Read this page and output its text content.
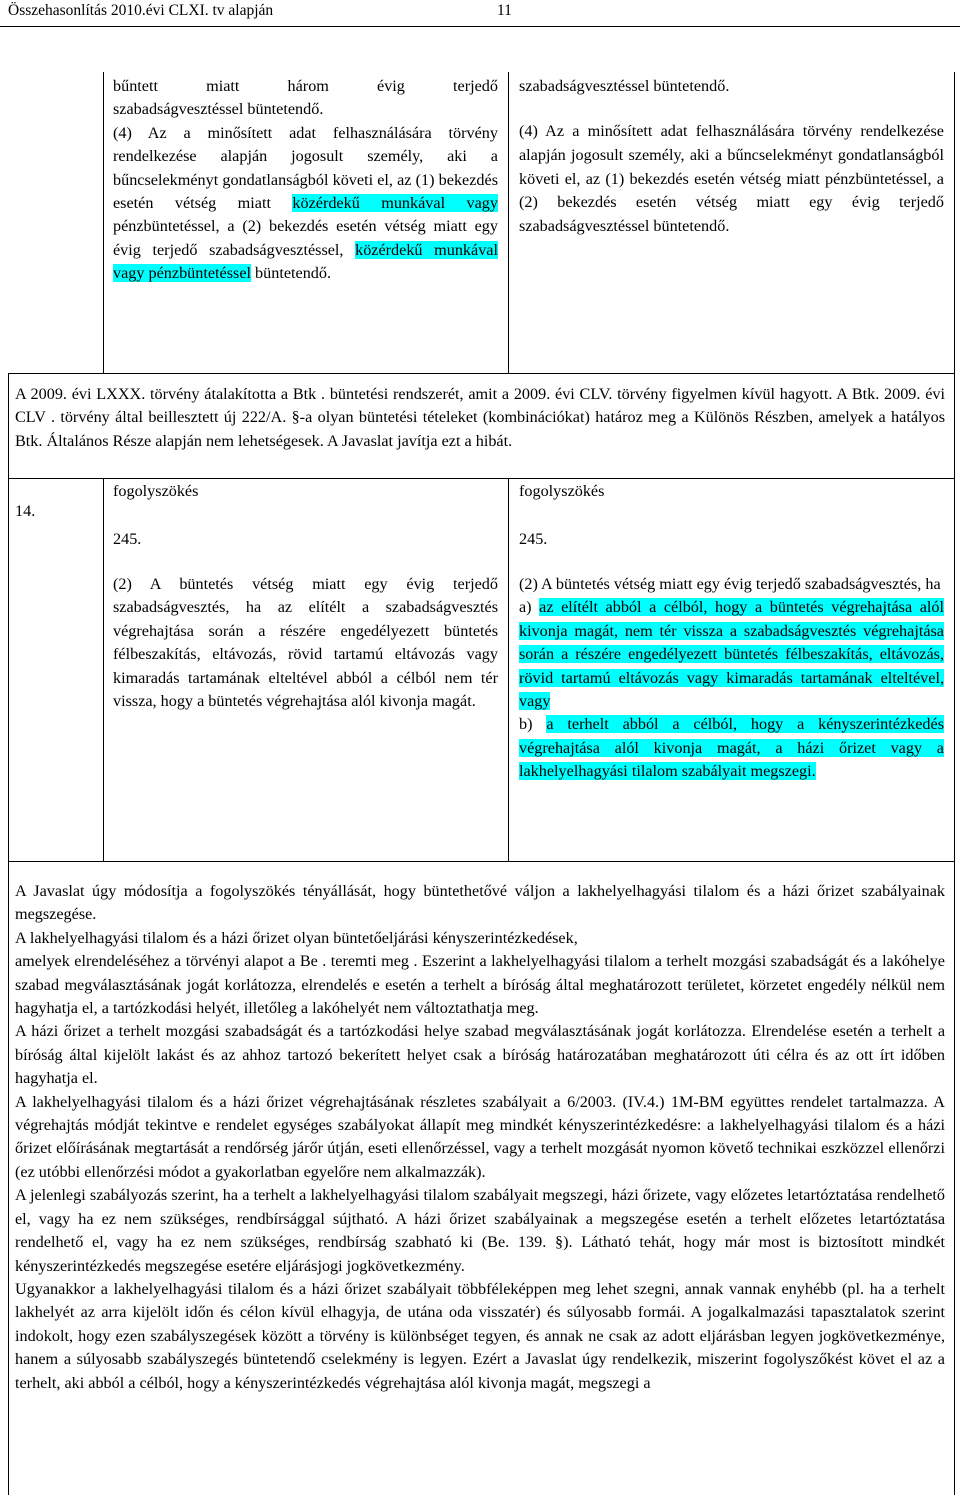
Összehasonlítás 2010.évi CLXI. tv alapján	11

bűntett miatt három évig terjedő

szabadságvesztéssel büntetendő.

(4) Az a minősített adat felhasználására törvény rendelkezése alapján jogosult személy, aki a bűncselekményt gondatlanságból követi el, az (1) bekezdés esetén vétség miatt közérdekű munkával vagy pénzbüntetéssel, a (2) bekezdés esetén vétség miatt egy évig terjedő szabadságvesztéssel, közérdekű munkával vagy pénzbüntetéssel büntetendő.

szabadságvesztéssel büntetendő.

(4) Az a minősített adat felhasználására törvény rendelkezése alapján jogosult személy, aki a bűncselekményt gondatlanságból követi el, az (1) bekezdés esetén vétség miatt pénzbüntetéssel, a (2) bekezdés esetén vétség miatt egy évig terjedő szabadságvesztéssel büntetendő.

A 2009. évi LXXX. törvény átalakította a Btk . büntetési rendszerét, amit a 2009. évi CLV. törvény figyelmen kívül hagyott. A Btk. 2009. évi CLV . törvény által beillesztett új 222/A. §-a olyan büntetési tételeket (kombinációkat) határoz meg a Különös Részben, amelyek a hatályos Btk. Általános Része alapján nem lehetségesek. A Javaslat javítja ezt a hibát.

14.
fogolyszökés
245.
(2) A büntetés vétség miatt egy évig terjedő szabadságvesztés, ha az elítélt a szabadságvesztés végrehajtása során a részére engedélyezett büntetés félbeszakítás, eltávozás, rövid tartamú eltávozás vagy kimaradás tartamának elteltével abból a célból nem tér vissza, hogy a büntetés végrehajtása alól kivonja magát.
fogolyszökés
245.

(2) A büntetés vétség miatt egy évig terjedő szabadságvesztés, ha

a) az elítélt abból a célból, hogy a büntetés végrehajtása alól kivonja magát, nem tér vissza a szabadságvesztés végrehajtása során a részére engedélyezett büntetés félbeszakítás, eltávozás, rövid tartamú eltávozás vagy kimaradás tartamának elteltével, vagy

b) a terhelt abból a célból, hogy a kényszerintézkedés végrehajtása alól kivonja magát, a házi őrizet vagy a lakhelyelhagyási tilalom szabályait megszegi.

A Javaslat úgy módosítja a fogolyszökés tényállását, hogy büntethetővé váljon a lakhelyelhagyási tilalom és a házi őrizet szabályainak megszegése.

A lakhelyelhagyási tilalom és a házi őrizet olyan büntetőeljárási kényszerintézkedések,

amelyek elrendeléséhez a törvényi alapot a Be . teremti meg . Eszerint a lakhelyelhagyási tilalom a terhelt mozgási szabadságát és a lakóhelye szabad megválasztásának jogát korlátozza, elrendelés e esetén a terhelt a bíróság által meghatározott területet, körzetet engedély nélkül nem hagyhatja el, a tartózkodási helyét, illetőleg a lakóhelyét nem változtathatja meg.

A házi őrizet a terhelt mozgási szabadságát és a tartózkodási helye szabad megválasztásának jogát korlátozza. Elrendelése esetén a terhelt a bíróság által kijelölt lakást és az ahhoz tartozó bekerített helyet csak a bíróság határozatában meghatározott úti célra és az ott írt időben hagyhatja el.

A lakhelyelhagyási tilalom és a házi őrizet végrehajtásának részletes szabályait a 6/2003. (IV.4.) 1M-BM együttes rendelet tartalmazza. A végrehajtás módját tekintve e rendelet egységes szabályokat állapít meg mindkét kényszerintézkedésre: a lakhelyelhagyási tilalom és a házi őrizet előírásának megtartását a rendőrség járőr útján, eseti ellenőrzéssel, vagy a terhelt mozgását nyomon követő technikai eszközzel ellenőrzi (ez utóbbi ellenőrzési módot a gyakorlatban egyelőre nem alkalmazzák).

A jelenlegi szabályozás szerint, ha a terhelt a lakhelyelhagyási tilalom szabályait megszegi, házi őrizete, vagy előzetes letartóztatása rendelhető el, vagy ha ez nem szükséges, rendbírsággal sújtható. A házi őrizet szabályainak a megszegése esetén a terhelt előzetes letartóztatása rendelhető el, vagy ha ez nem szükséges, rendbírság szabható ki (Be. 139. §). Látható tehát, hogy már most is biztosított mindkét kényszerintézkedés megszegése esetére eljárásjogi jogkövetkezmény.

Ugyanakkor a lakhelyelhagyási tilalom és a házi őrizet szabályait többféleképpen meg lehet szegni, annak vannak enyhébb (pl. ha a terhelt lakhelyét az arra kijelölt időn és célon kívül elhagyja, de utána oda visszatér) és súlyosabb formái. A jogalkalmazási tapasztalatok szerint indokolt, hogy ezen szabályszegések között a törvény is különbséget tegyen, és annak ne csak az adott eljárásban legyen jogkövetkezménye, hanem a súlyosabb szabályszegés büntetendő cselekmény is legyen. Ezért a Javaslat úgy rendelkezik, miszerint fogolyszőkést követ el az a terhelt, aki abból a célból, hogy a kényszerintézkedés végrehajtása alól kivonja magát, megszegi a
